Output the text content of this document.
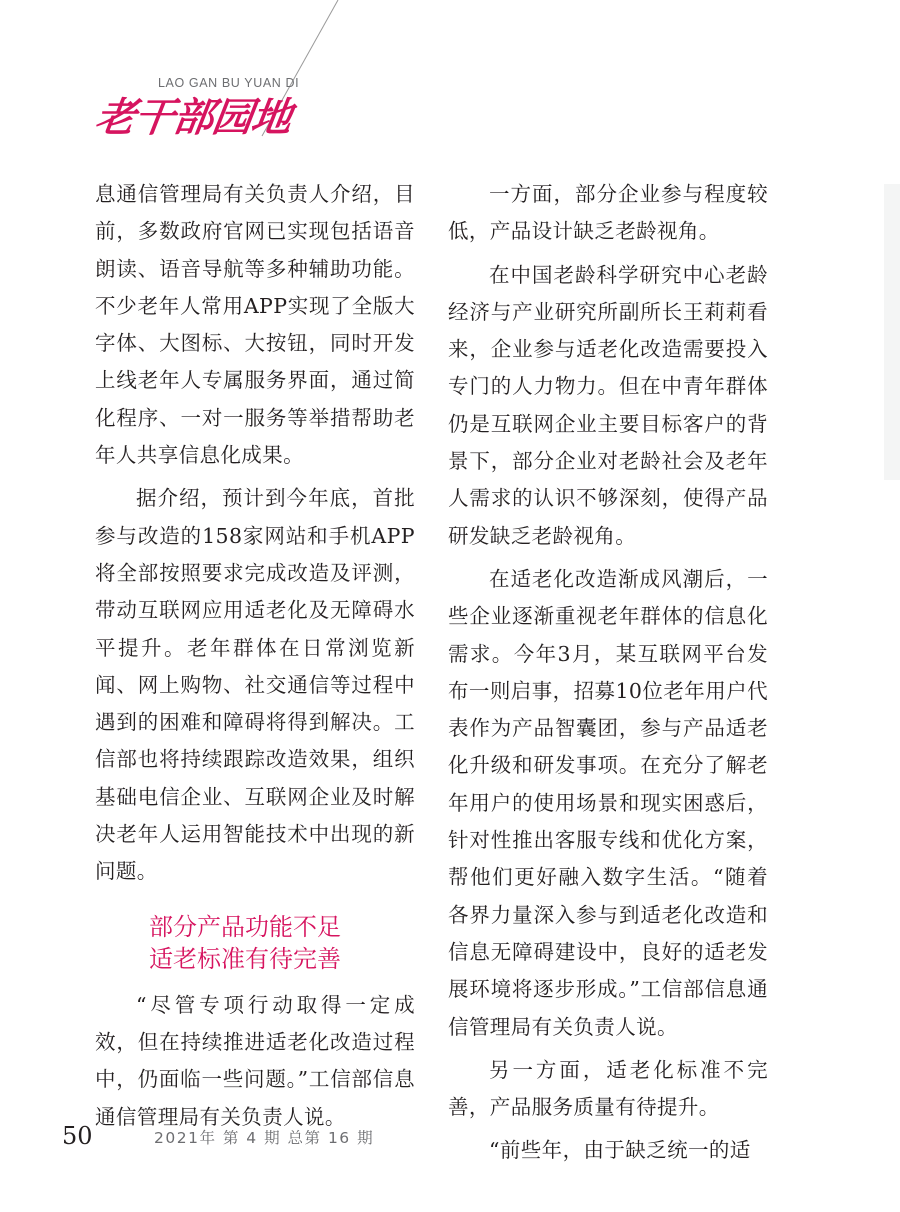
LAO GAN BU YUAN DI
老干部园地

息通信管理局有关负责人介绍，目前，多数政府官网已实现包括语音朗读、语音导航等多种辅助功能。不少老年人常用APP实现了全版大字体、大图标、大按钮，同时开发上线老年人专属服务界面，通过简化程序、一对一服务等举措帮助老年人共享信息化成果。

据介绍，预计到今年底，首批参与改造的158家网站和手机APP将全部按照要求完成改造及评测，带动互联网应用适老化及无障碍水平提升。老年群体在日常浏览新闻、网上购物、社交通信等过程中遇到的困难和障碍将得到解决。工信部也将持续跟踪改造效果，组织基础电信企业、互联网企业及时解决老年人运用智能技术中出现的新问题。

部分产品功能不足
适老标准有待完善

“尽管专项行动取得一定成效，但在持续推进适老化改造过程中，仍面临一些问题。”工信部信息通信管理局有关负责人说。

一方面，部分企业参与程度较低，产品设计缺乏老龄视角。

在中国老龄科学研究中心老龄经济与产业研究所副所长王莉莉看来，企业参与适老化改造需要投入专门的人力物力。但在中青年群体仍是互联网企业主要目标客户的背景下，部分企业对老龄社会及老年人需求的认识不够深刻，使得产品研发缺乏老龄视角。

在适老化改造渐成风潮后，一些企业逐渐重视老年群体的信息化需求。今年3月，某互联网平台发布一则启事，招募10位老年用户代表作为产品智囊团，参与产品适老化升级和研发事项。在充分了解老年用户的使用场景和现实困惑后，针对性推出客服专线和优化方案，帮他们更好融入数字生活。“随着各界力量深入参与到适老化改造和信息无障碍建设中，良好的适老发展环境将逐步形成。”工信部信息通信管理局有关负责人说。

另一方面，适老化标准不完善，产品服务质量有待提升。

“前些年，由于缺乏统一的适

50	2021年 第 4 期 总第 16 期
